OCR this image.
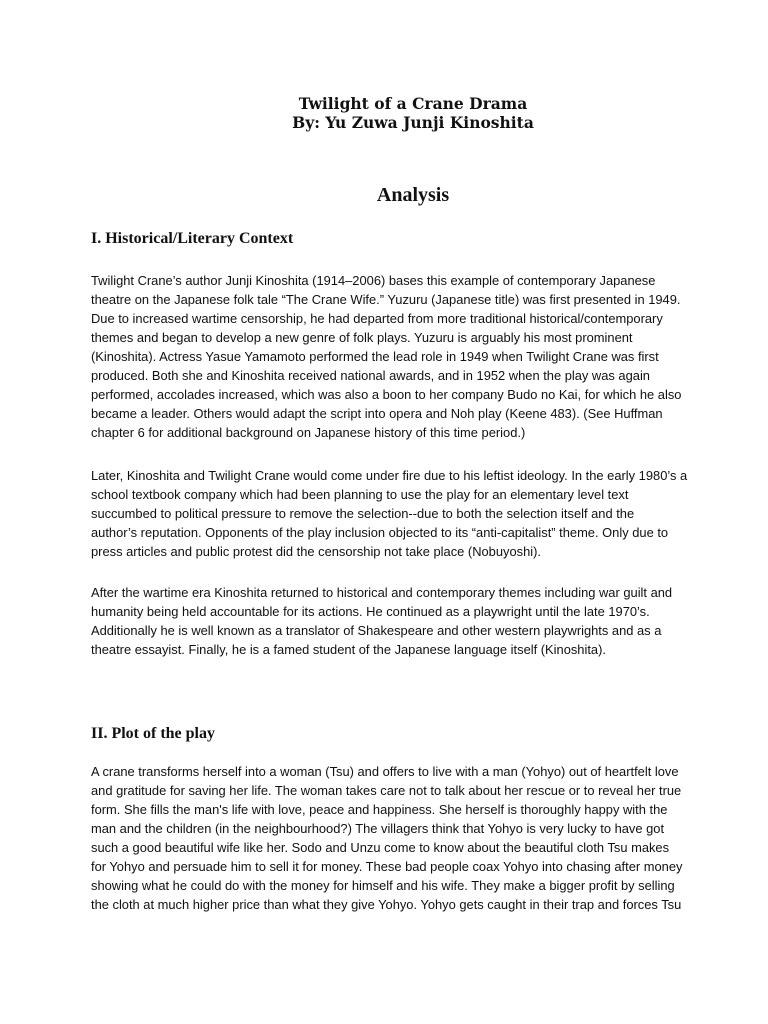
Twilight of a Crane Drama
By: Yu Zuwa Junji Kinoshita
Analysis
I. Historical/Literary Context
Twilight Crane’s author Junji Kinoshita (1914–2006) bases this example of contemporary Japanese
theatre on the Japanese folk tale “The Crane Wife.” Yuzuru (Japanese title) was first presented in 1949.
Due to increased wartime censorship, he had departed from more traditional historical/contemporary
themes and began to develop a new genre of folk plays. Yuzuru is arguably his most prominent
(Kinoshita). Actress Yasue Yamamoto performed the lead role in 1949 when Twilight Crane was first
produced. Both she and Kinoshita received national awards, and in 1952 when the play was again
performed, accolades increased, which was also a boon to her company Budo no Kai, for which he also
became a leader. Others would adapt the script into opera and Noh play (Keene 483). (See Huffman
chapter 6 for additional background on Japanese history of this time period.)
Later, Kinoshita and Twilight Crane would come under fire due to his leftist ideology. In the early 1980’s a
school textbook company which had been planning to use the play for an elementary level text
succumbed to political pressure to remove the selection--due to both the selection itself and the
author’s reputation. Opponents of the play inclusion objected to its “anti-capitalist” theme. Only due to
press articles and public protest did the censorship not take place (Nobuyoshi).
After the wartime era Kinoshita returned to historical and contemporary themes including war guilt and
humanity being held accountable for its actions. He continued as a playwright until the late 1970’s.
Additionally he is well known as a translator of Shakespeare and other western playwrights and as a
theatre essayist. Finally, he is a famed student of the Japanese language itself (Kinoshita).
II. Plot of the play
A crane transforms herself into a woman (Tsu) and offers to live with a man (Yohyo) out of heartfelt love
and gratitude for saving her life. The woman takes care not to talk about her rescue or to reveal her true
form. She fills the man's life with love, peace and happiness. She herself is thoroughly happy with the
man and the children (in the neighbourhood?) The villagers think that Yohyo is very lucky to have got
such a good beautiful wife like her. Sodo and Unzu come to know about the beautiful cloth Tsu makes
for Yohyo and persuade him to sell it for money. These bad people coax Yohyo into chasing after money
showing what he could do with the money for himself and his wife. They make a bigger profit by selling
the cloth at much higher price than what they give Yohyo. Yohyo gets caught in their trap and forces Tsu
